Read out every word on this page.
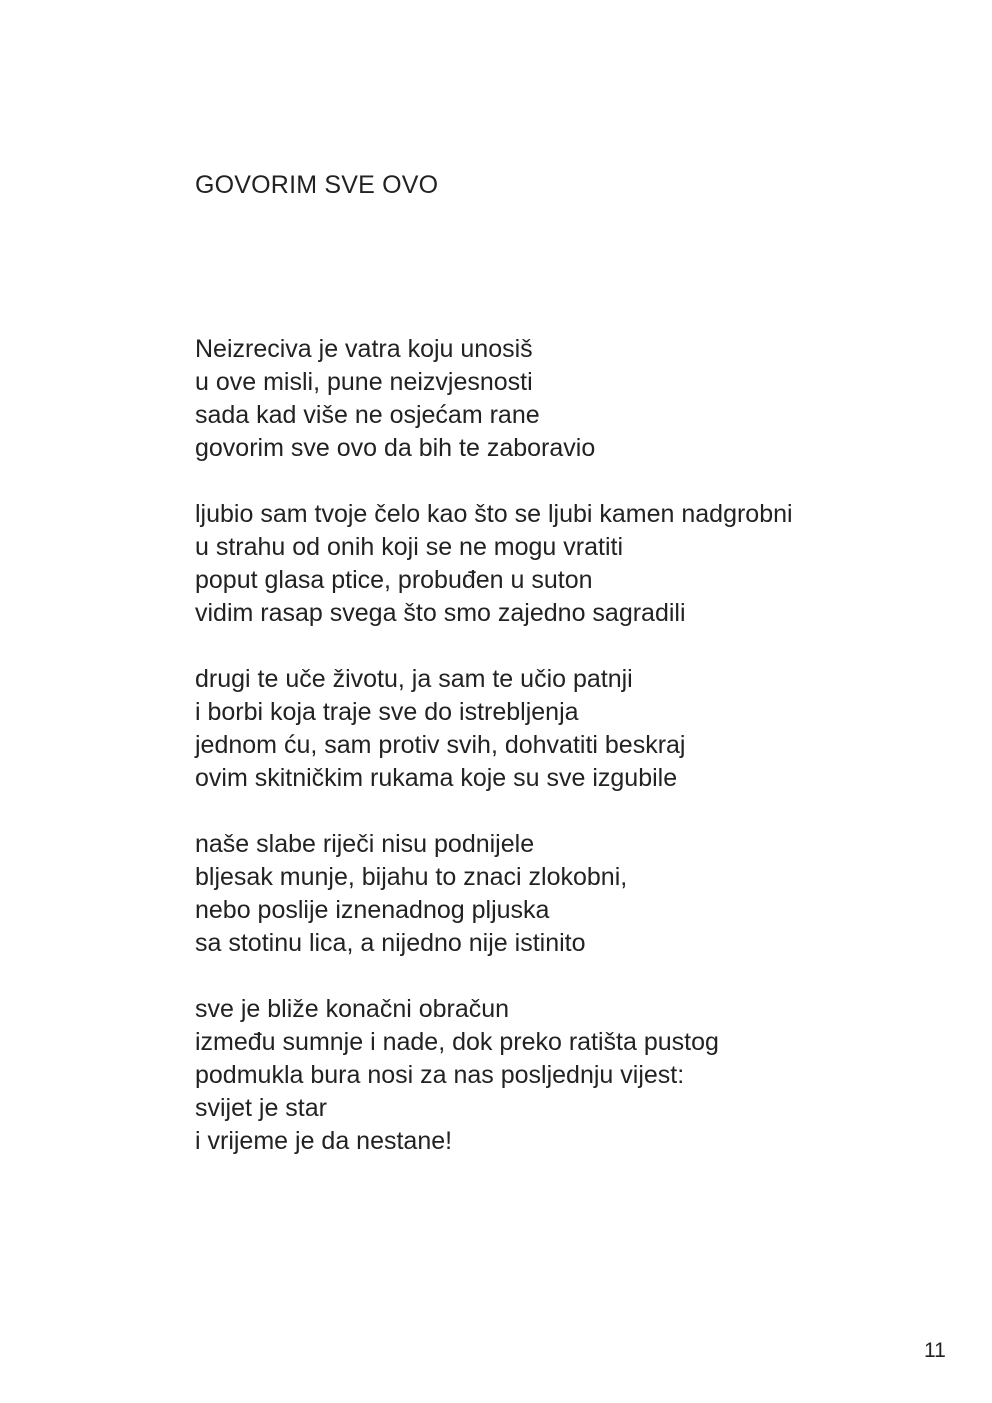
GOVORIM SVE OVO
Neizreciva je vatra koju unosiš
u ove misli, pune neizvjesnosti
sada kad više ne osjećam rane
govorim sve ovo da bih te zaboravio
ljubio sam tvoje čelo kao što se ljubi kamen nadgrobni
u strahu od onih koji se ne mogu vratiti
poput glasa ptice, probuđen u suton
vidim rasap svega što smo zajedno sagradili
drugi te uče životu, ja sam te učio patnji
i borbi koja traje sve do istrebljenja
jednom ću, sam protiv svih, dohvatiti beskraj
ovim skitničkim rukama koje su sve izgubile
naše slabe riječi nisu podnijele
bljesak munje, bijahu to znaci zlokobni,
nebo poslije iznenadnog pljuska
sa stotinu lica, a nijedno nije istinito
sve je bliže konačni obračun
između sumnje i nade, dok preko ratišta pustog
podmukla bura nosi za nas posljednju vijest:
svijet je star
i vrijeme je da nestane!
11
